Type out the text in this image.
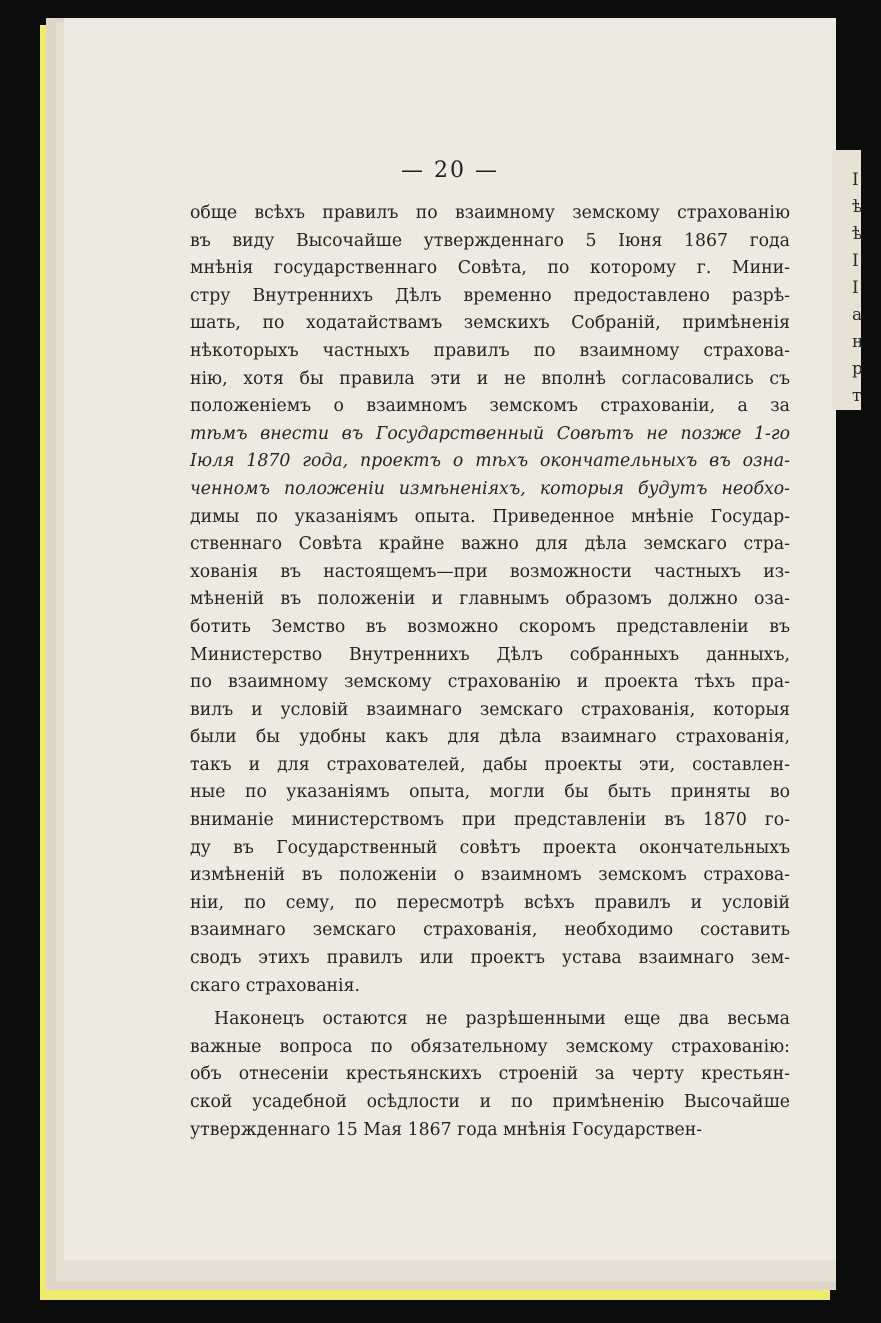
— 20 —
обще всѣхъ правилъ по взаимному земскому страхованію
въ виду Высочайше утвержденнаго 5 Іюня 1867 года
мнѣнія государственнаго Совѣта, по которому г. Мини-
стру Внутреннихъ Дѣлъ временно предоставлено разрѣ-
шать, по ходатайствамъ земскихъ Собраній, примѣненія
нѣкоторыхъ частныхъ правилъ по взаимному страхова-
нію, хотя бы правила эти и не вполнѣ согласовались съ
положеніемъ о взаимномъ земскомъ страхованіи, а за
тѣмъ внести въ Государственный Совѣтъ не позже 1-го
Іюля 1870 года, проектъ о тѣхъ окончательныхъ въ озна-
ченномъ положеніи измѣненіяхъ, которыя будутъ необхо-
димы по указаніямъ опыта. Приведенное мнѣніе Государ-
ственнаго Совѣта крайне важно для дѣла земскаго стра-
хованія въ настоящемъ—при возможности частныхъ из-
мѣненій въ положеніи и главнымъ образомъ должно оза-
ботить Земство въ возможно скоромъ представленіи въ
Министерство Внутреннихъ Дѣлъ собранныхъ данныхъ,
по взаимному земскому страхованію и проекта тѣхъ пра-
вилъ и условій взаимнаго земскаго страхованія, которыя
были бы удобны какъ для дѣла взаимнаго страхованія,
такъ и для страхователей, дабы проекты эти, составлен-
ные по указаніямъ опыта, могли бы быть приняты во
вниманіе министерствомъ при представленіи въ 1870 го-
ду въ Государственный совѣтъ проекта окончательныхъ
измѣненій въ положеніи о взаимномъ земскомъ страхова-
ніи, по сему, по пересмотрѣ всѣхъ правилъ и условій
взаимнаго земскаго страхованія, необходимо составить
сводъ этихъ правилъ или проектъ устава взаимнаго зем-
скаго страхованія.
Наконецъ остаются не разрѣшенными еще два весьма
важные вопроса по обязательному земскому страхованію:
объ отнесеніи крестьянскихъ строеній за черту крестьян-
ской усадебной осѣдлости и по примѣненію Высочайше
утвержденнаго 15 Мая 1867 года мнѣнія Государствен-
І
ѣ
ѣ
І
І
а
н
р
т
